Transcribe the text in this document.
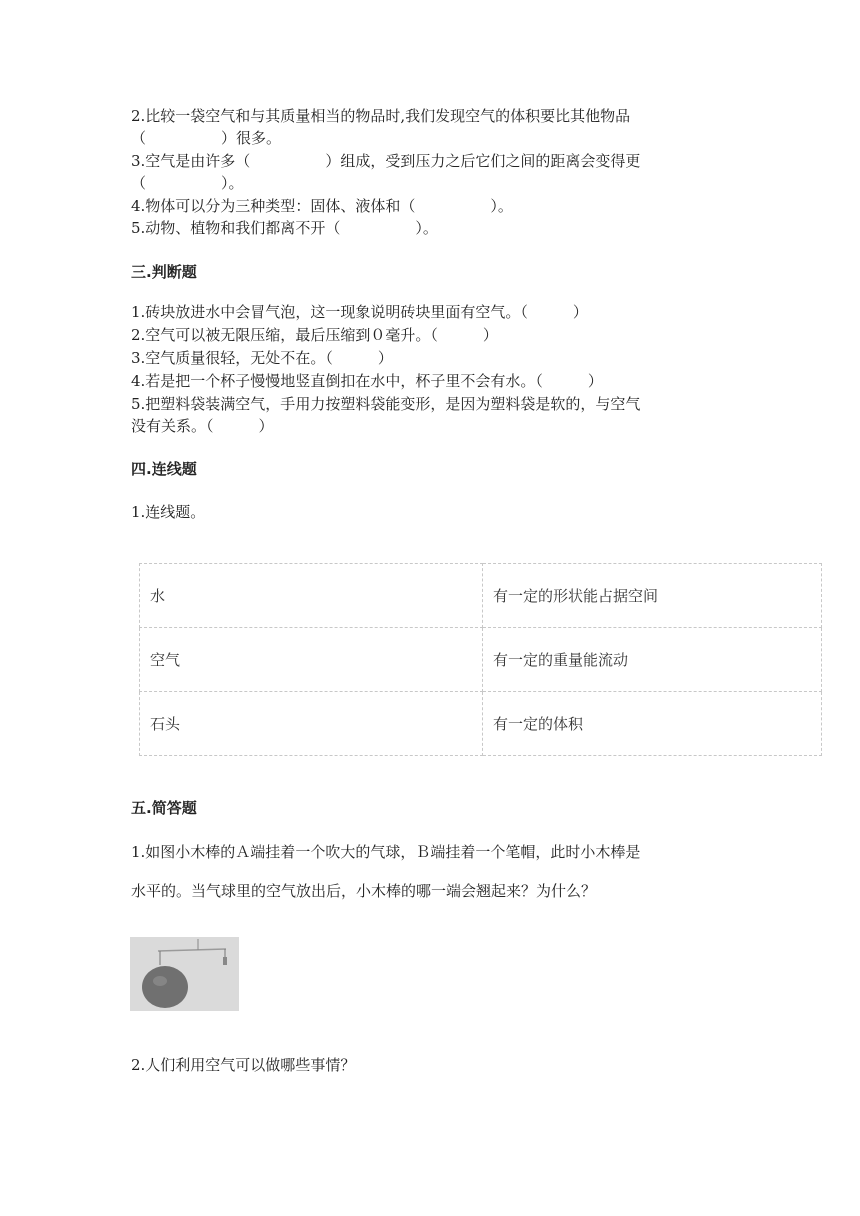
2.比较一袋空气和与其质量相当的物品时,我们发现空气的体积要比其他物品
（　　　　　）很多。
3.空气是由许多（　　　　　）组成，受到压力之后它们之间的距离会变得更
（　　　　　）。
4.物体可以分为三种类型：固体、液体和（　　　　　）。
5.动物、植物和我们都离不开（　　　　　）。
三.判断题
1.砖块放进水中会冒气泡，这一现象说明砖块里面有空气。（　　　）
2.空气可以被无限压缩，最后压缩到０毫升。（　　　）
3.空气质量很轻，无处不在。（　　　）
4.若是把一个杯子慢慢地竖直倒扣在水中，杯子里不会有水。（　　　）
5.把塑料袋装满空气，手用力按塑料袋能变形，是因为塑料袋是软的，与空气
没有关系。（　　　）
四.连线题
1.连线题。
水	有一定的形状能占据空间
空气	有一定的重量能流动
石头	有一定的体积
五.简答题
1.如图小木棒的Ａ端挂着一个吹大的气球，Ｂ端挂着一个笔帽，此时小木棒是
水平的。当气球里的空气放出后，小木棒的哪一端会翘起来？为什么？
2.人们利用空气可以做哪些事情？
